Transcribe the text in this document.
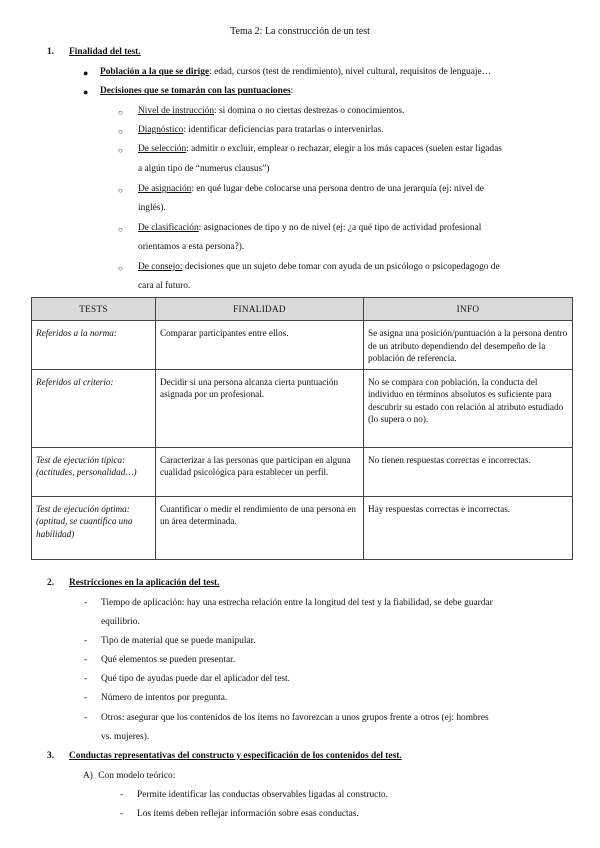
Tema 2: La construcción de un test
1. Finalidad del test.
● Población a la que se dirige: edad, cursos (test de rendimiento), nivel cultural, requisitos de lenguaje…
● Decisiones que se tomarán con las puntuaciones:
○ Nivel de instrucción: si domina o no ciertas destrezas o conocimientos.
○ Diagnóstico: identificar deficiencias para tratarlas o intervenirlas.
○ De selección: admitir o excluir, emplear o rechazar, elegir a los más capaces (suelen estar ligadas
a algún tipo de “numerus clausus”)
○ De asignación: en qué lugar debe colocarse una persona dentro de una jerarquía (ej: nivel de
inglés).
○ De clasificación: asignaciones de tipo y no de nivel (ej: ¿a qué tipo de actividad profesional
orientamos a esta persona?).
○ De consejo: decisiones que un sujeto debe tomar con ayuda de un psicólogo o psicopedagogo de
cara al futuro.
TESTS	FINALIDAD	INFO
Referidos a la norma:	Comparar participantes entre ellos.	Se asigna una posición/puntuación a la persona dentro de un atributo dependiendo del desempeño de la población de referencia.
Referidos al criterio:	Decidir si una persona alcanza cierta puntuación asignada por un profesional.	No se compara con población, la conducta del individuo en términos absolutos es suficiente para descubrir su estado con relación al atributo estudiado (lo supera o no).
Test de ejecución típica: (actitudes, personalidad…)	Caracterizar a las personas que participan en alguna cualidad psicológica para establecer un perfil.	No tienen respuestas correctas e incorrectas.
Test de ejecución óptima: (aptitud, se cuantifica una habilidad)	Cuantificar o medir el rendimiento de una persona en un área determinada.	Hay respuestas correctas e incorrectas.
2. Restricciones en la aplicación del test.
- Tiempo de aplicación: hay una estrecha relación entre la longitud del test y la fiabilidad, se debe guardar
equilibrio.
- Tipo de material que se puede manipular.
- Qué elementos se pueden presentar.
- Qué tipo de ayudas puede dar el aplicador del test.
- Número de intentos por pregunta.
- Otros: asegurar que los contenidos de los ítems no favorezcan a unos grupos frente a otros (ej: hombres
vs. mujeres).
3. Conductas representativas del constructo y especificación de los contenidos del test.
A) Con modelo teórico:
- Permite identificar las conductas observables ligadas al constructo.
- Los ítems deben reflejar información sobre esas conductas.
